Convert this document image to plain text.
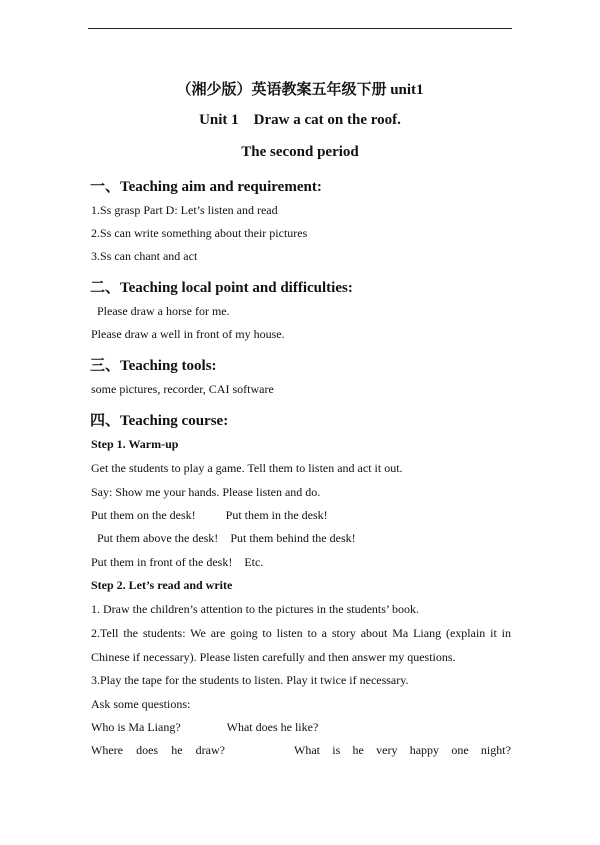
（湘少版）英语教案五年级下册 unit1
Unit 1    Draw a cat on the roof.
The second period
一、Teaching aim and requirement:
1.Ss grasp Part D: Let’s listen and read
2.Ss can write something about their pictures
3.Ss can chant and act
二、Teaching local point and difficulties:
Please draw a horse for me.
Please draw a well in front of my house.
三、Teaching tools:
some pictures, recorder, CAI software
四、Teaching course:
Step 1. Warm-up
Get the students to play a game. Tell them to listen and act it out.
Say: Show me your hands. Please listen and do.
Put them on the desk!	Put them in the desk!
Put them above the desk! Put them behind the desk!
Put them in front of the desk! Etc.
Step 2. Let’s read and write
1. Draw the children’s attention to the pictures in the students’ book.
2.Tell the students: We are going to listen to a story about Ma Liang (explain it in
Chinese if necessary). Please listen carefully and then answer my questions.
3.Play the tape for the students to listen. Play it twice if necessary.
Ask some questions:
Who is Ma Liang?	What does he like?
Where does he draw?	What is he very happy one night?
